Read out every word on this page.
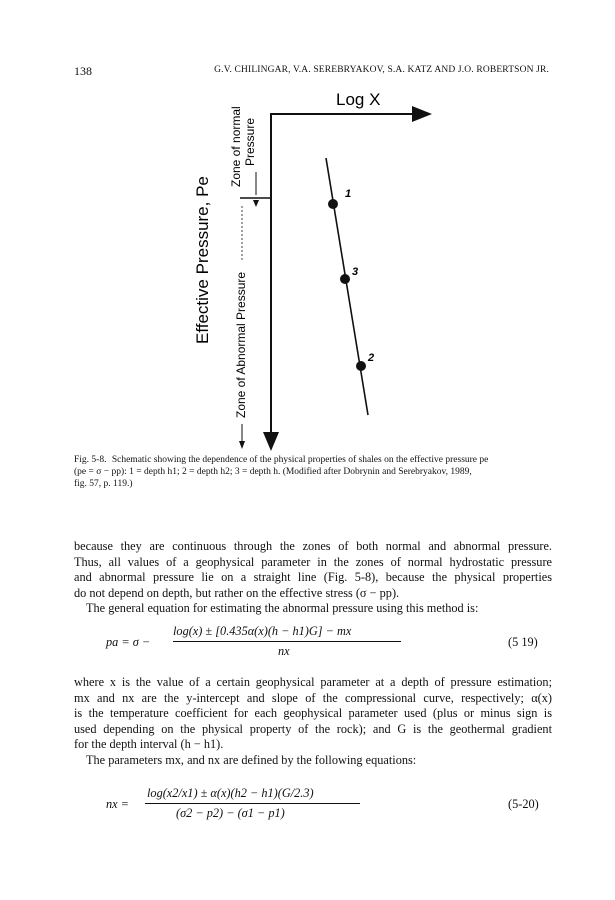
138	G.V. CHILINGAR, V.A. SEREBRYAKOV, S.A. KATZ AND J.O. ROBERTSON JR.
Log X
Effective Pressure, Pe
Zone of normal Pressure
Zone of Abnormal Pressure
1
3
2
Fig. 5-8. Schematic showing the dependence of the physical properties of shales on the effective pressure pe
(pe = σ − pp): 1 = depth h1; 2 = depth h2; 3 = depth h. (Modified after Dobrynin and Serebryakov, 1989,
fig. 57, p. 119.)

because they are continuous through the zones of both normal and abnormal pressure.
Thus, all values of a geophysical parameter in the zones of normal hydrostatic pressure
and abnormal pressure lie on a straight line (Fig. 5-8), because the physical properties
do not depend on depth, but rather on the effective stress (σ − pp).

The general equation for estimating the abnormal pressure using this method is:

pa = σ −
log(x) ± [0.435α(x)(h − h1)G] − mx
nx
(5 19)

where x is the value of a certain geophysical parameter at a depth of pressure estimation;
mx and nx are the y-intercept and slope of the compressional curve, respectively; α(x)
is the temperature coefficient for each geophysical parameter used (plus or minus sign is
used depending on the physical property of the rock); and G is the geothermal gradient
for the depth interval (h − h1).

The parameters mx, and nx are defined by the following equations:

nx =
log(x2/x1) ± α(x)(h2 − h1)(G/2.3)
(σ2 − p2) − (σ1 − p1)
(5-20)
